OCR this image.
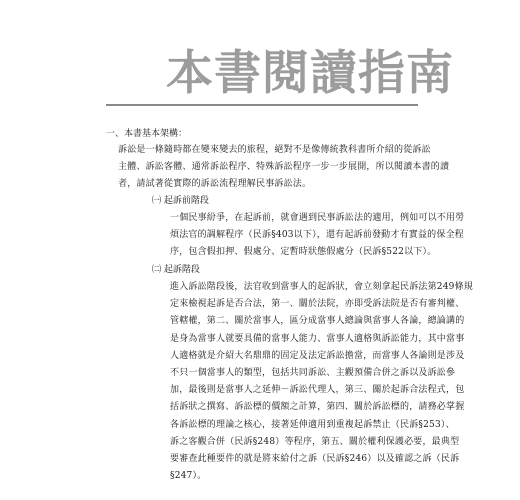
本書閱讀指南
一、本書基本架構：
訴訟是一條隨時都在變來變去的旅程，絕對不是像傳統教科書所介紹的從訴訟
主體、訴訟客體、通常訴訟程序、特殊訴訟程序一步一步展開，所以閱讀本書的讀
者，請試著從實際的訴訟流程理解民事訴訟法。
㈠ 起訴前階段
一個民事紛爭，在起訴前，就會遇到民事訴訟法的適用，例如可以不用勞
煩法官的調解程序（民訴§403以下），還有起訴前發動才有實益的保全程
序，包含假扣押、假處分、定暫時狀態假處分（民訴§522以下）。
㈡ 起訴階段
進入訴訟階段後，法官收到當事人的起訴狀，會立刻拿起民訴法第249條規
定來檢視起訴是否合法，第一、關於法院，亦即受訴法院是否有審判權、
管轄權，第二、關於當事人，區分成當事人總論與當事人各論，總論講的
是身為當事人就要具備的當事人能力、當事人適格與訴訟能力，其中當事
人適格就是介紹大名鼎鼎的固定及法定訴訟擔當，而當事人各論則是涉及
不只一個當事人的類型，包括共同訴訟、主觀預備合併之訴以及訴訟參
加，最後則是當事人之延伸－訴訟代理人，第三、關於起訴合法程式，包
括訴狀之撰寫、訴訟標的價額之計算，第四、關於訴訟標的，請務必掌握
各訴訟標的理論之核心，接著延伸適用到重複起訴禁止（民訴§253）、
訴之客觀合併（民訴§248）等程序，第五、關於權利保護必要，最典型
要審查此種要件的就是將來給付之訴（民訴§246）以及確認之訴（民訴
§247）。
